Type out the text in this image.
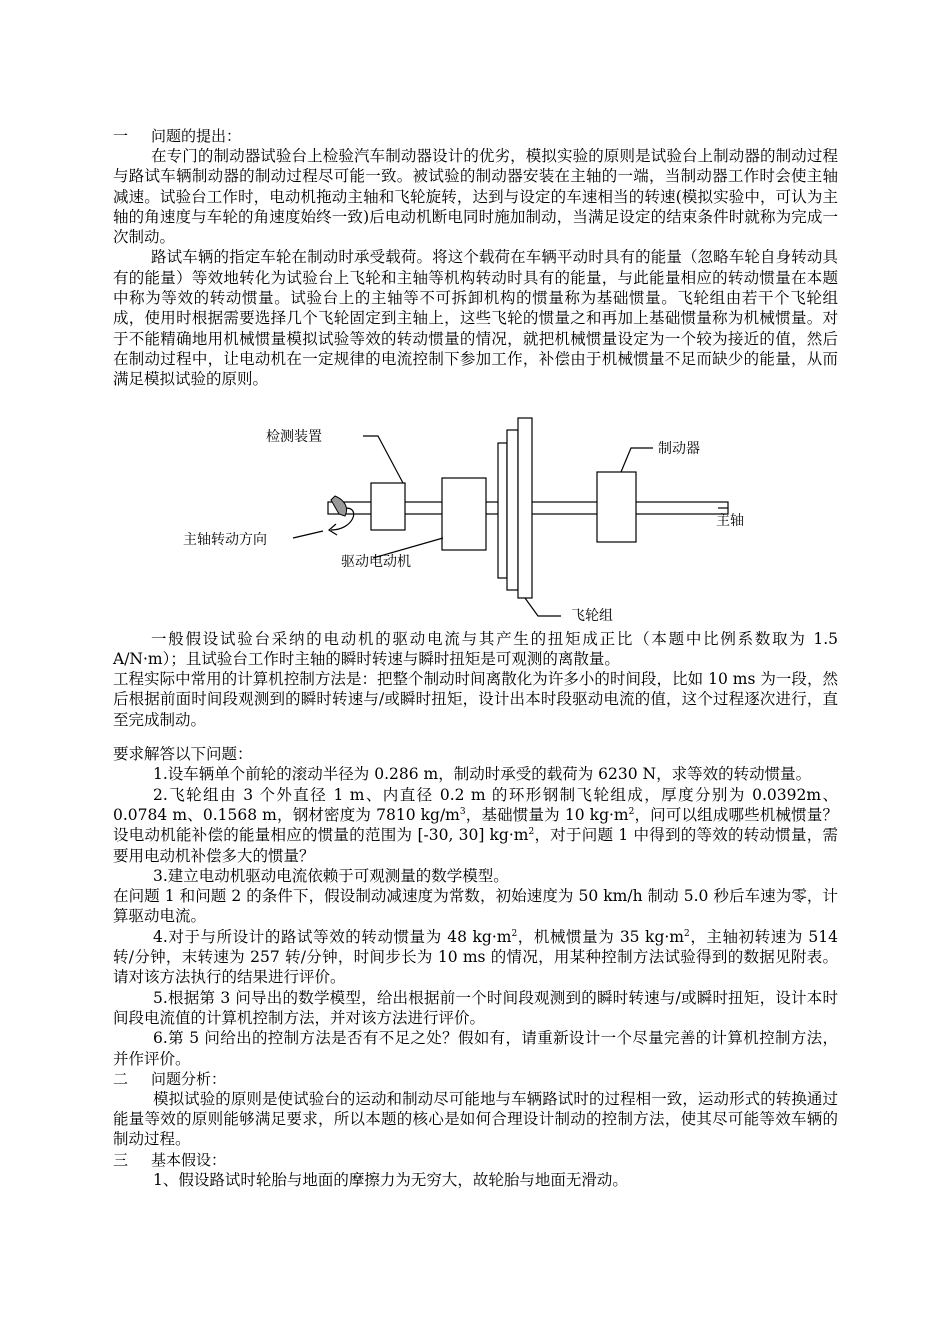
一 问题的提出：

在专门的制动器试验台上检验汽车制动器设计的优劣，模拟实验的原则是试验台上制动器的制动过程与路试车辆制动器的制动过程尽可能一致。被试验的制动器安装在主轴的一端，当制动器工作时会使主轴减速。试验台工作时，电动机拖动主轴和飞轮旋转，达到与设定的车速相当的转速(模拟实验中，可认为主轴的角速度与车轮的角速度始终一致)后电动机断电同时施加制动，当满足设定的结束条件时就称为完成一次制动。

路试车辆的指定车轮在制动时承受载荷。将这个载荷在车辆平动时具有的能量（忽略车轮自身转动具有的能量）等效地转化为试验台上飞轮和主轴等机构转动时具有的能量，与此能量相应的转动惯量在本题中称为等效的转动惯量。试验台上的主轴等不可拆卸机构的惯量称为基础惯量。飞轮组由若干个飞轮组成，使用时根据需要选择几个飞轮固定到主轴上，这些飞轮的惯量之和再加上基础惯量称为机械惯量。对于不能精确地用机械惯量模拟试验等效的转动惯量的情况，就把机械惯量设定为一个较为接近的值，然后在制动过程中，让电动机在一定规律的电流控制下参加工作，补偿由于机械惯量不足而缺少的能量，从而满足模拟试验的原则。

检测装置
制动器
主轴转动方向
主轴
驱动电动机
飞轮组

一般假设试验台采纳的电动机的驱动电流与其产生的扭矩成正比（本题中比例系数取为 1.5 A/N·m）；且试验台工作时主轴的瞬时转速与瞬时扭矩是可观测的离散量。

工程实际中常用的计算机控制方法是：把整个制动时间离散化为许多小的时间段，比如 10 ms 为一段，然后根据前面时间段观测到的瞬时转速与/或瞬时扭矩，设计出本时段驱动电流的值，这个过程逐次进行，直至完成制动。

要求解答以下问题：

1.设车辆单个前轮的滚动半径为 0.286 m，制动时承受的载荷为 6230 N，求等效的转动惯量。

2.飞轮组由 3 个外直径 1 m、内直径 0.2 m 的环形钢制飞轮组成，厚度分别为 0.0392m、0.0784 m、0.1568 m，钢材密度为 7810 $kg/m^3$，基础惯量为 10 $kg\cdot m^2$，问可以组成哪些机械惯量？设电动机能补偿的能量相应的惯量的范围为 [-30, 30] $kg\cdot m^2$，对于问题 1 中得到的等效的转动惯量，需要用电动机补偿多大的惯量？

3.建立电动机驱动电流依赖于可观测量的数学模型。

在问题 1 和问题 2 的条件下，假设制动减速度为常数，初始速度为 50 km/h 制动 5.0 秒后车速为零，计算驱动电流。

4.对于与所设计的路试等效的转动惯量为 48 $kg\cdot m^2$，机械惯量为 35 $kg\cdot m^2$，主轴初转速为 514 转/分钟，末转速为 257 转/分钟，时间步长为 10 ms 的情况，用某种控制方法试验得到的数据见附表。请对该方法执行的结果进行评价。

5.根据第 3 问导出的数学模型，给出根据前一个时间段观测到的瞬时转速与/或瞬时扭矩，设计本时间段电流值的计算机控制方法，并对该方法进行评价。

6.第 5 问给出的控制方法是否有不足之处？假如有，请重新设计一个尽量完善的计算机控制方法，并作评价。

二 问题分析：

模拟试验的原则是使试验台的运动和制动尽可能地与车辆路试时的过程相一致，运动形式的转换通过能量等效的原则能够满足要求，所以本题的核心是如何合理设计制动的控制方法，使其尽可能等效车辆的制动过程。

三 基本假设：

1、假设路试时轮胎与地面的摩擦力为无穷大，故轮胎与地面无滑动。
